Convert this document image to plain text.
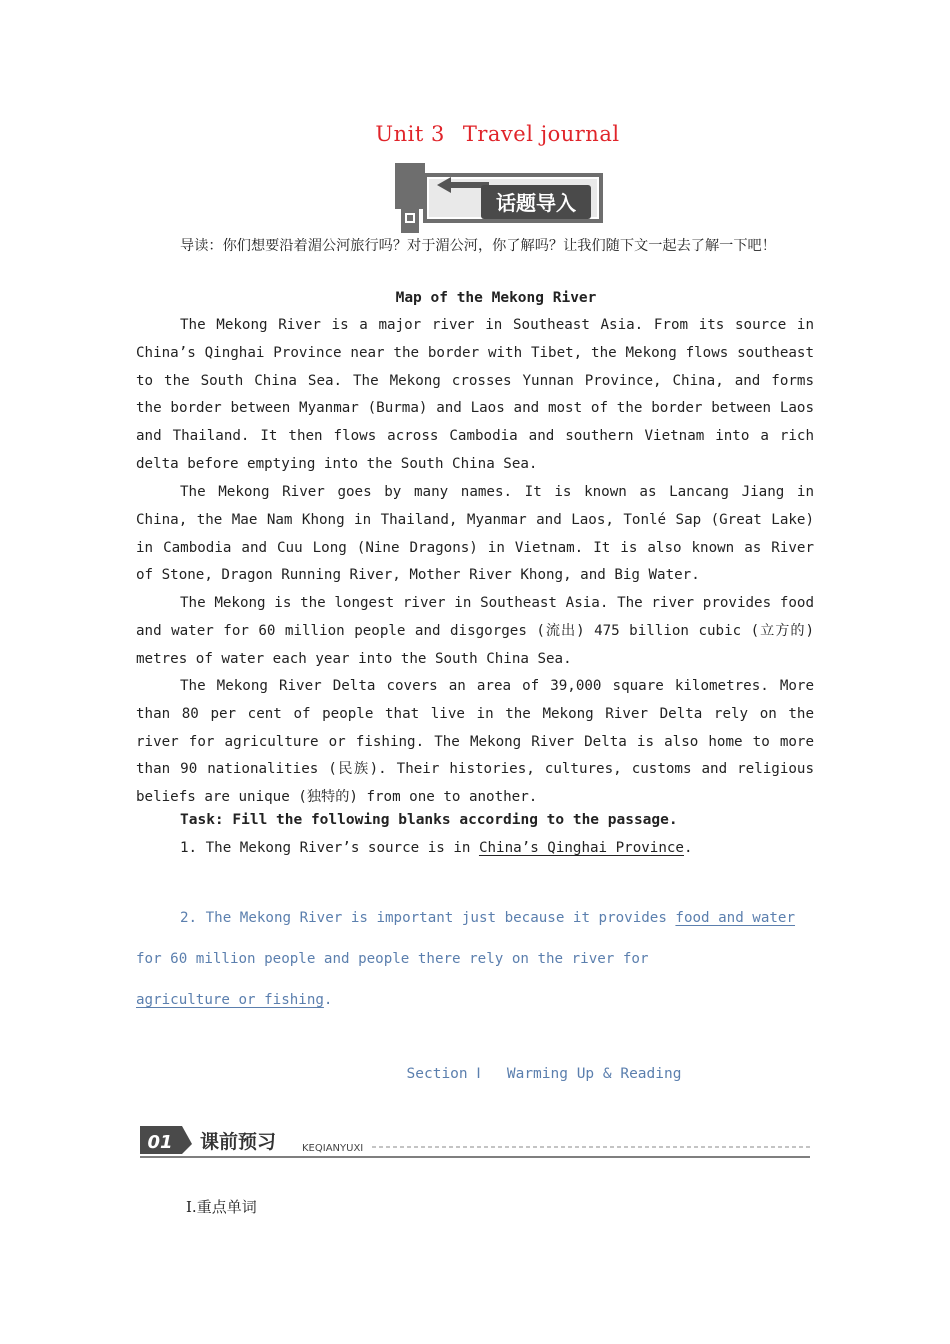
Unit 3 Travel journal
话题导入

导读：你们想要沿着湄公河旅行吗？对于湄公河，你了解吗？让我们随下文一起去了解一下吧！

Map of the Mekong River

The Mekong River is a major river in Southeast Asia. From its source in China’s Qinghai Province near the border with Tibet, the Mekong flows southeast to the South China Sea. The Mekong crosses Yunnan Province, China, and forms the border between Myanmar (Burma) and Laos and most of the border between Laos and Thailand. It then flows across Cambodia and southern Vietnam into a rich delta before emptying into the South China Sea.

The Mekong River goes by many names. It is known as Lancang Jiang in China, the Mae Nam Khong in Thailand, Myanmar and Laos, Tonlé Sap (Great Lake) in Cambodia and Cuu Long (Nine Dragons) in Vietnam. It is also known as River of Stone, Dragon Running River, Mother River Khong, and Big Water.

The Mekong is the longest river in Southeast Asia. The river provides food and water for 60 million people and disgorges (流出) 475 billion cubic (立方的) metres of water each year into the South China Sea.

The Mekong River Delta covers an area of 39,000 square kilometres. More than 80 per cent of people that live in the Mekong River Delta rely on the river for agriculture or fishing. The Mekong River Delta is also home to more than 90 nationalities (民族). Their histories, cultures, customs and religious beliefs are unique (独特的) from one to another.

Task: Fill the following blanks according to the passage.
1. The Mekong River’s source is in China’s Qinghai Province.
2. The Mekong River is important just because it provides food and water
for 60 million people and people there rely on the river for
agriculture or fishing.
Section Ⅰ Warming Up & Reading
01 课前预习	KEQIANYUXI
Ⅰ.重点单词
